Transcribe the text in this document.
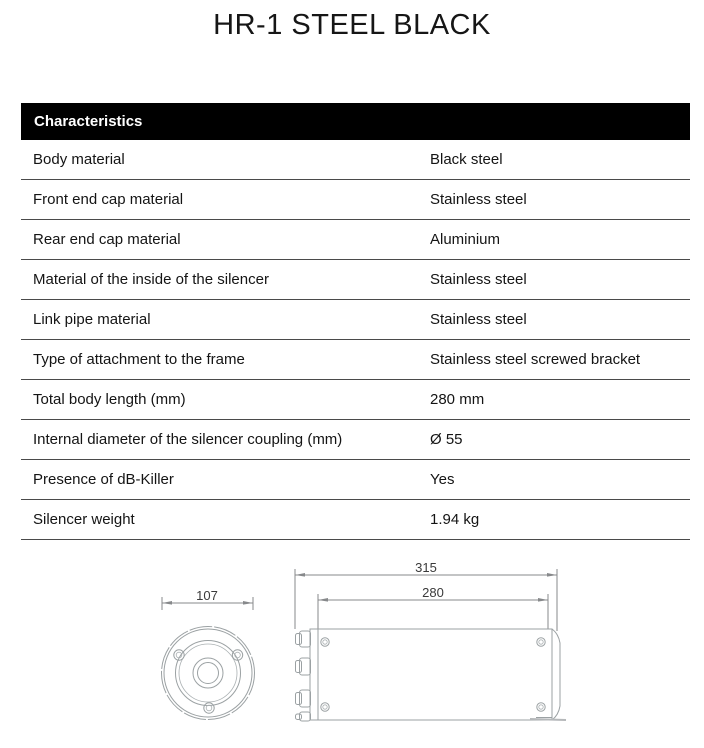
HR-1 STEEL BLACK
Characteristics
Body material	Black steel
Front end cap material	Stainless steel
Rear end cap material	Aluminium
Material of the inside of the silencer	Stainless steel
Link pipe material	Stainless steel
Type of attachment to the frame	Stainless steel screwed bracket
Total body length (mm)	280 mm
Internal diameter of the silencer coupling (mm)	Ø 55
Presence of dB-Killer	Yes
Silencer weight	1.94 kg
107
315
280
